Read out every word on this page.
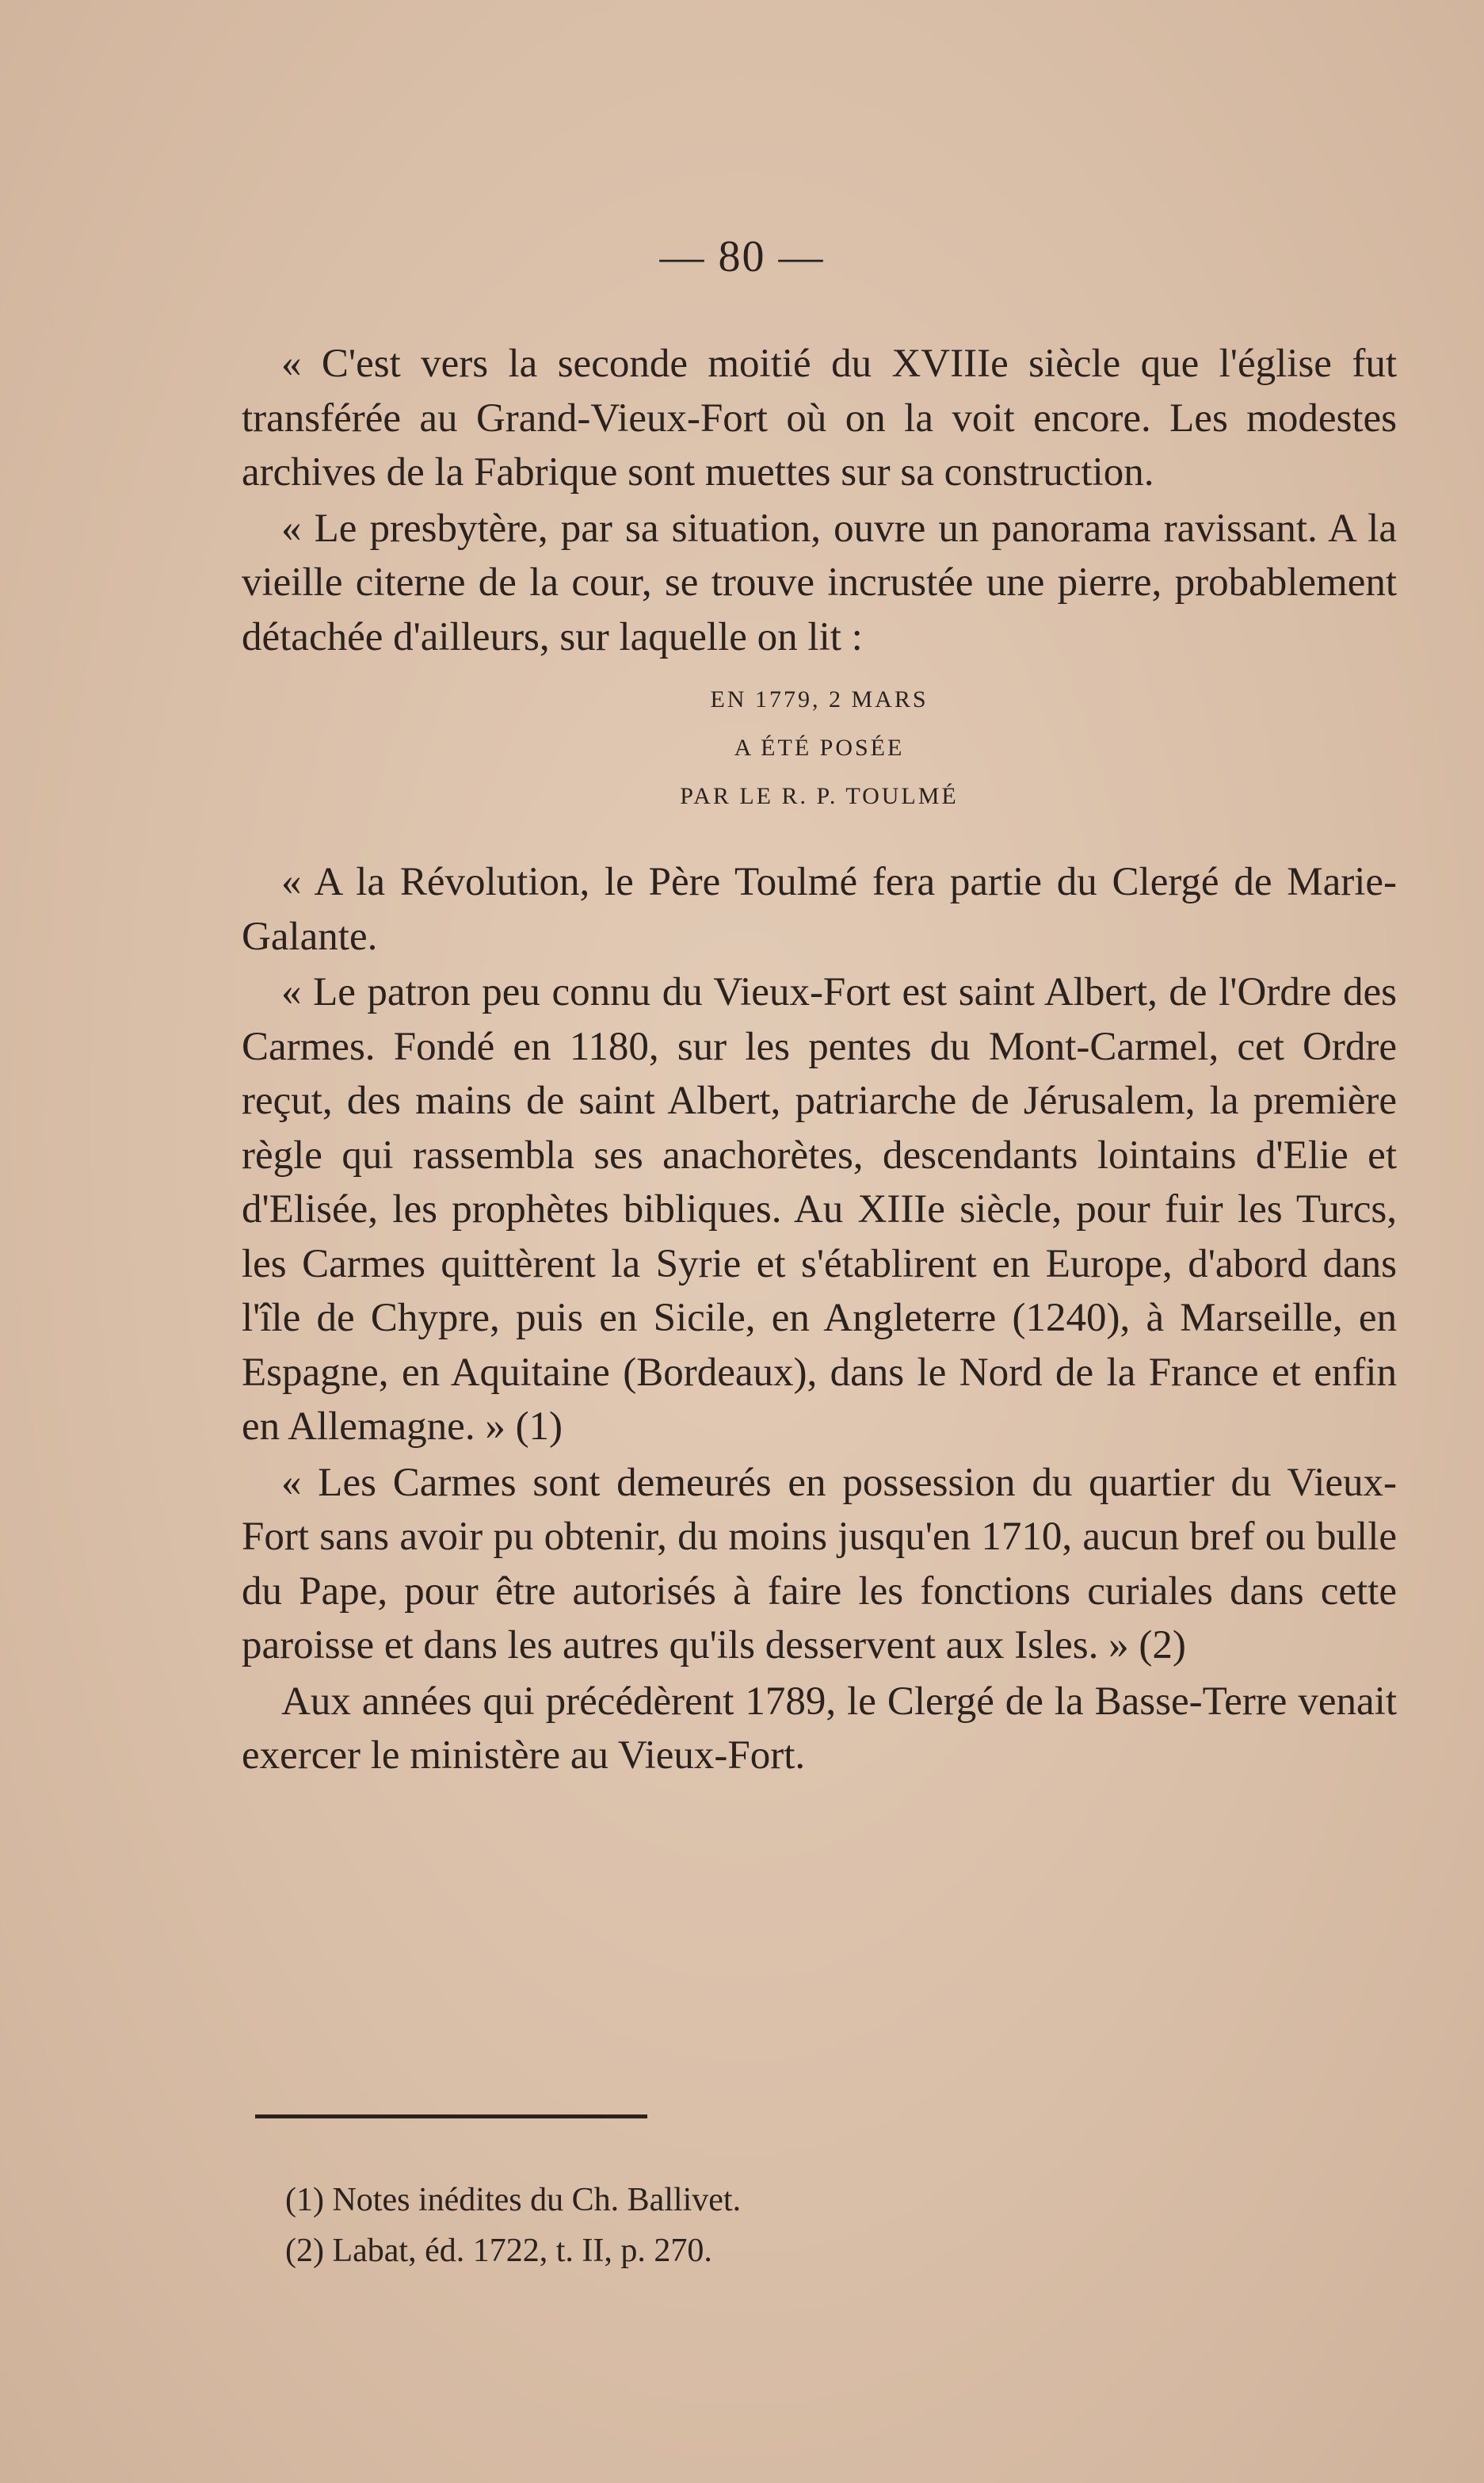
— 80 —

« C'est vers la seconde moitié du XVIIIe siècle que l'église fut transférée au Grand-Vieux-Fort où on la voit encore. Les modestes archives de la Fabrique sont muettes sur sa construction.

« Le presbytère, par sa situation, ouvre un panorama ravissant. A la vieille citerne de la cour, se trouve incrustée une pierre, probablement détachée d'ailleurs, sur laquelle on lit :

EN 1779, 2 MARS
A ÉTÉ POSÉE
PAR LE R. P. TOULMÉ

« A la Révolution, le Père Toulmé fera partie du Clergé de Marie-Galante.

« Le patron peu connu du Vieux-Fort est saint Albert, de l'Ordre des Carmes. Fondé en 1180, sur les pentes du Mont-Carmel, cet Ordre reçut, des mains de saint Albert, patriarche de Jérusalem, la première règle qui rassembla ses anachorètes, descendants lointains d'Elie et d'Elisée, les prophètes bibliques. Au XIIIe siècle, pour fuir les Turcs, les Carmes quittèrent la Syrie et s'établirent en Europe, d'abord dans l'île de Chypre, puis en Sicile, en Angleterre (1240), à Marseille, en Espagne, en Aquitaine (Bordeaux), dans le Nord de la France et enfin en Allemagne. » (1)

« Les Carmes sont demeurés en possession du quartier du Vieux-Fort sans avoir pu obtenir, du moins jusqu'en 1710, aucun bref ou bulle du Pape, pour être autorisés à faire les fonctions curiales dans cette paroisse et dans les autres qu'ils desservent aux Isles. » (2)

Aux années qui précédèrent 1789, le Clergé de la Basse-Terre venait exercer le ministère au Vieux-Fort.

(1) Notes inédites du Ch. Ballivet.
(2) Labat, éd. 1722, t. II, p. 270.
